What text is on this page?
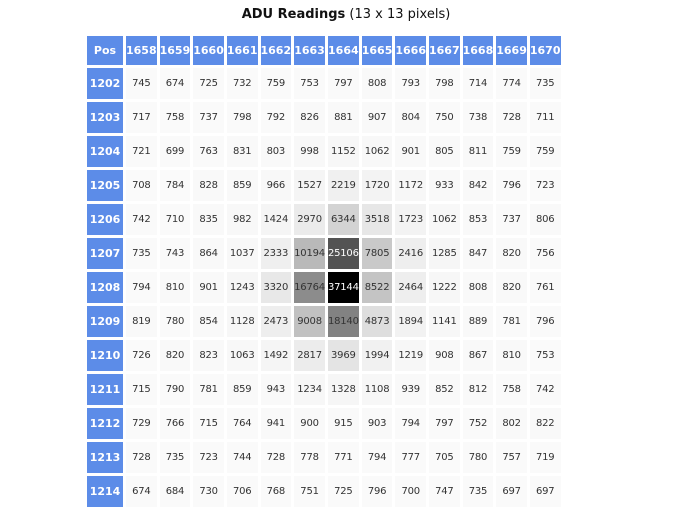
ADU Readings (13 x 13 pixels)
Pos	1658	1659	1660	1661	1662	1663	1664	1665	1666	1667	1668	1669	1670
1202	745	674	725	732	759	753	797	808	793	798	714	774	735
1203	717	758	737	798	792	826	881	907	804	750	738	728	711
1204	721	699	763	831	803	998	1152	1062	901	805	811	759	759
1205	708	784	828	859	966	1527	2219	1720	1172	933	842	796	723
1206	742	710	835	982	1424	2970	6344	3518	1723	1062	853	737	806
1207	735	743	864	1037	2333	10194	25106	7805	2416	1285	847	820	756
1208	794	810	901	1243	3320	16764	37144	8522	2464	1222	808	820	761
1209	819	780	854	1128	2473	9008	18140	4873	1894	1141	889	781	796
1210	726	820	823	1063	1492	2817	3969	1994	1219	908	867	810	753
1211	715	790	781	859	943	1234	1328	1108	939	852	812	758	742
1212	729	766	715	764	941	900	915	903	794	797	752	802	822
1213	728	735	723	744	728	778	771	794	777	705	780	757	719
1214	674	684	730	706	768	751	725	796	700	747	735	697	697
